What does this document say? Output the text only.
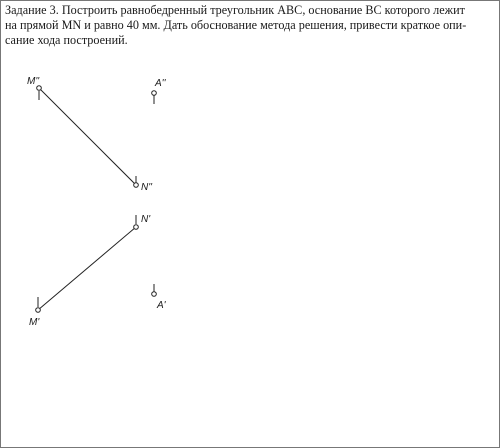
Задание 3. Построить равнобедренный треугольник ABC, основание BC которого лежит
на прямой MN и равно 40 мм. Дать обоснование метода решения, привести краткое опи-
сание хода построений.
M''	A''
N''
N'
M'
A'
